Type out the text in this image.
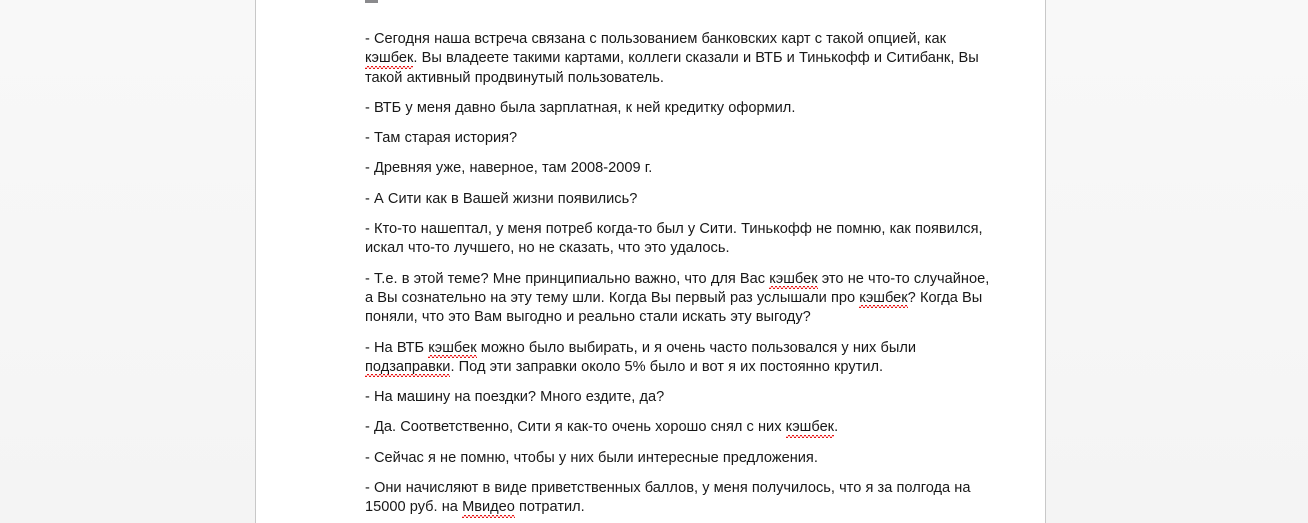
- Сегодня наша встреча связана с пользованием банковских карт с такой опцией, как кэшбек. Вы владеете такими картами, коллеги сказали и ВТБ и Тинькофф и Ситибанк, Вы такой активный продвинутый пользователь.

- ВТБ у меня давно была зарплатная, к ней кредитку оформил.

- Там старая история?

- Древняя уже, наверное, там 2008-2009 г.

- А Сити как в Вашей жизни появились?

- Кто-то нашептал, у меня потреб когда-то был у Сити. Тинькофф не помню, как появился, искал что-то лучшего, но не сказать, что это удалось.

- Т.е. в этой теме? Мне принципиально важно, что для Вас кэшбек это не что-то случайное, а Вы сознательно на эту тему шли. Когда Вы первый раз услышали про кэшбек? Когда Вы поняли, что это Вам выгодно и реально стали искать эту выгоду?

- На ВТБ кэшбек можно было выбирать, и я очень часто пользовался у них были подзаправки. Под эти заправки около 5% было и вот я их постоянно крутил.

- На машину на поездки? Много ездите, да?

- Да. Соответственно, Сити я как-то очень хорошо снял с них кэшбек.

- Сейчас я не помню, чтобы у них были интересные предложения.

- Они начисляют в виде приветственных баллов, у меня получилось, что я за полгода на 15000 руб. на Мвидео потратил.
